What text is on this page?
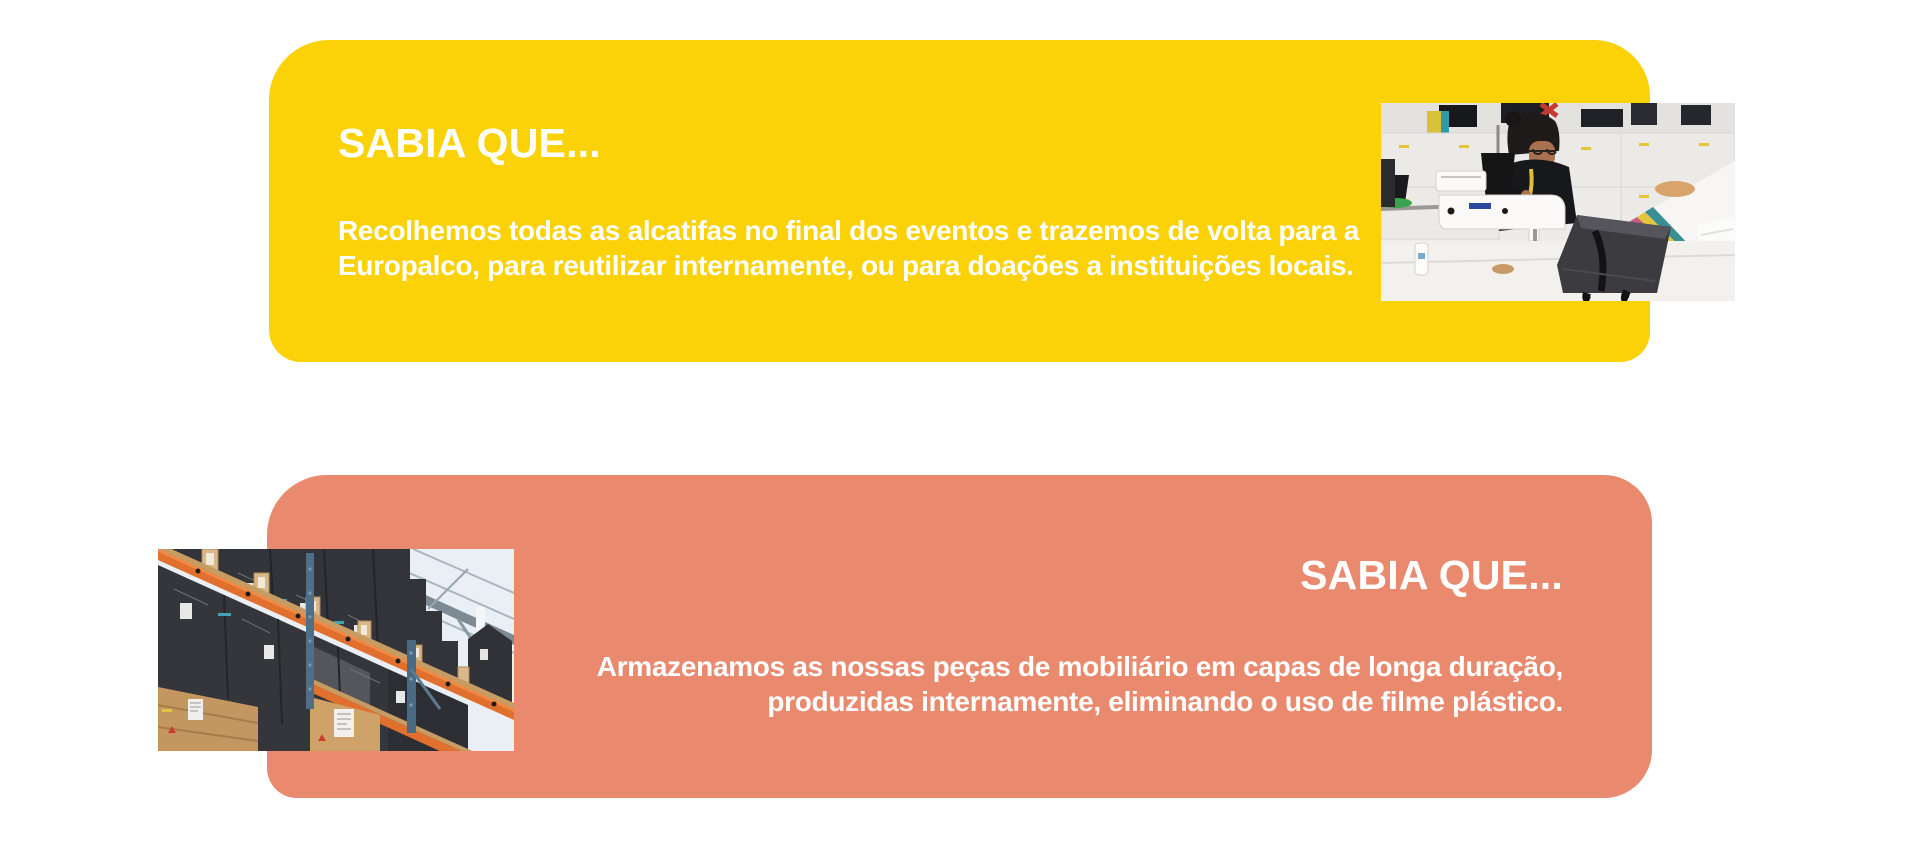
SABIA QUE...

Recolhemos todas as alcatifas no final dos eventos e trazemos de volta para a
Europalco, para reutilizar internamente, ou para doações a instituições locais.

SABIA QUE...

Armazenamos as nossas peças de mobiliário em capas de longa duração,
produzidas internamente, eliminando o uso de filme plástico.
